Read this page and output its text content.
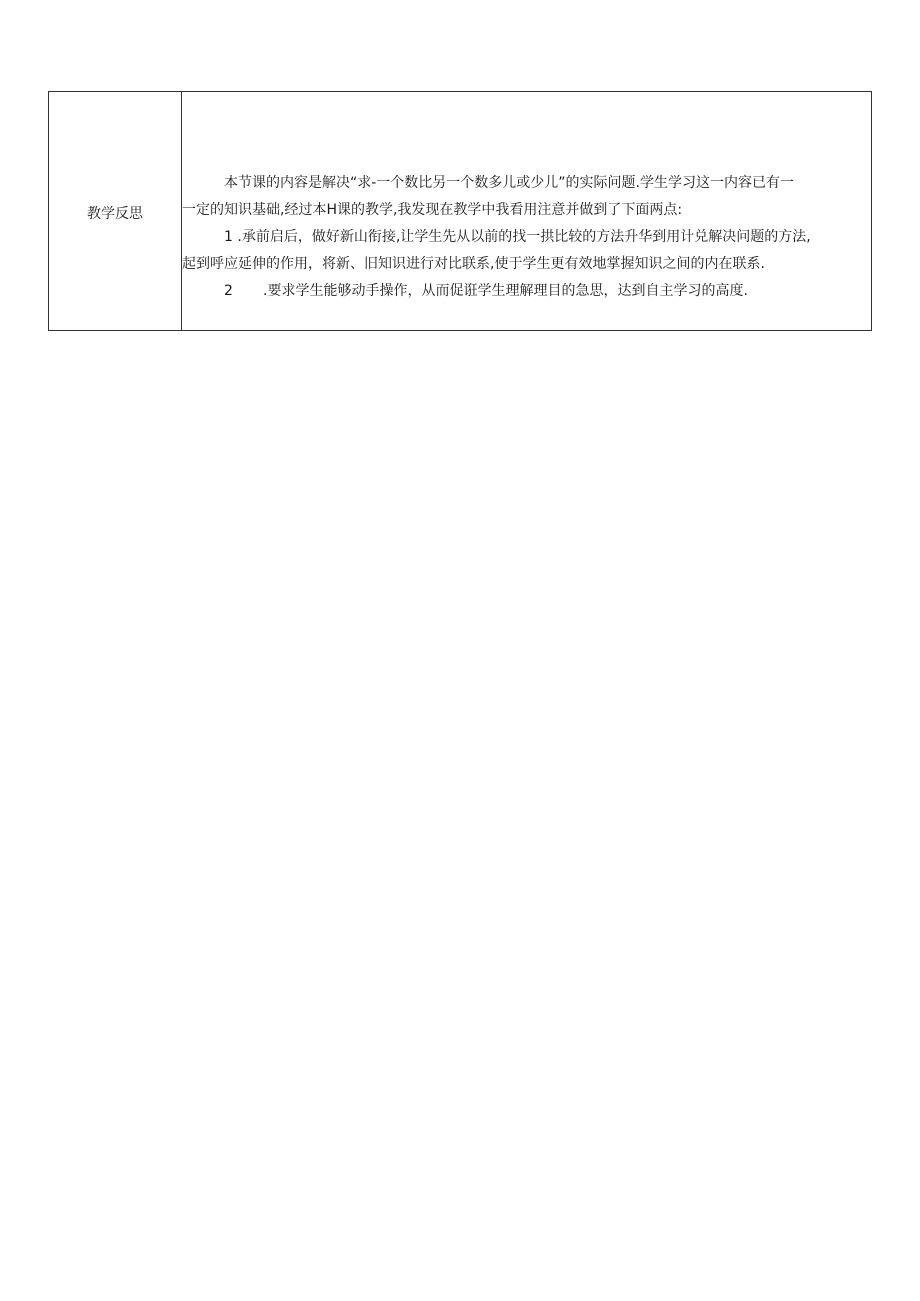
教学反思

本节课的内容是解决“求-一个数比另一个数多儿或少儿”的实际问题.学生学习这一内容已有一

一定的知识基础,经过本H课的教学,我发现在教学中我看用注意并做到了下面两点:

1 .承前启后，做好新山衔接,让学生先从以前的找一拱比较的方法升华到用计兑解决问题的方法,

起到呼应延伸的作用，将新、旧知识进行对比联系,使于学生更有效地掌握知识之间的内在联系.

2 .要求学生能够动手操作，从而促诳学生理解理目的急思，达到自主学习的高度.
